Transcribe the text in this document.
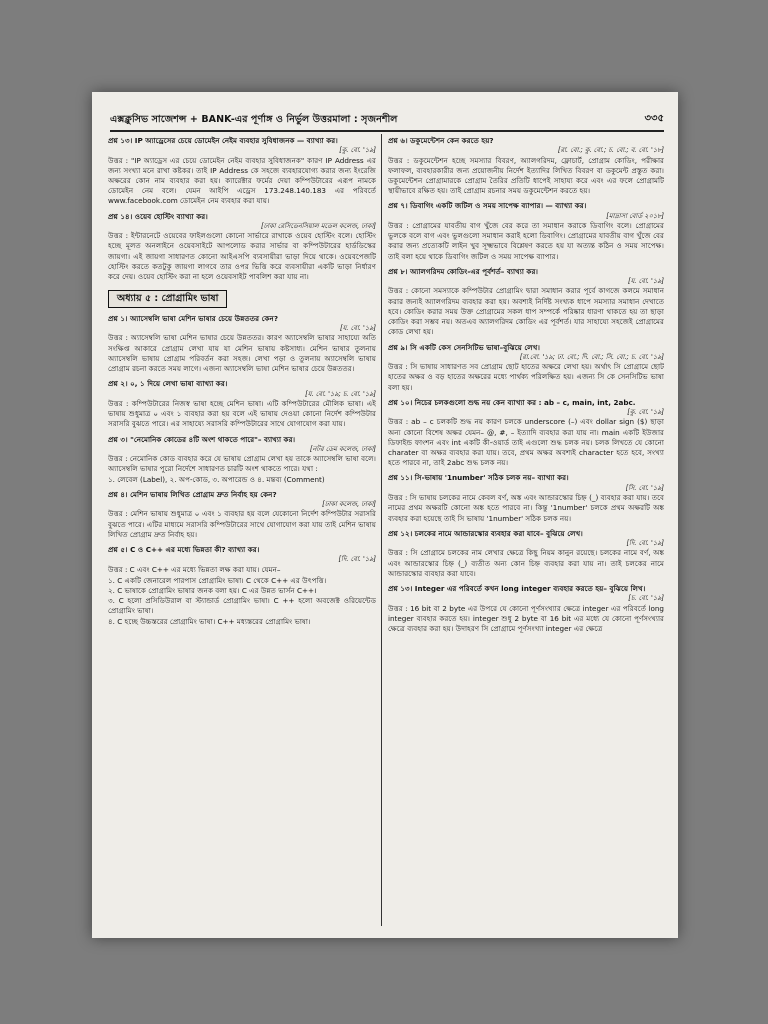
এক্সক্লুসিভ সাজেশন্স + BANK-এর পূর্ণাঙ্গ ও নির্ভুল উত্তরমালা : সৃজনশীল	৩৩৫
প্রশ্ন ১৩। IP অ্যাড্রেসের চেয়ে ডোমেইন নেইম ব্যবহার সুবিধাজনক — ব্যাখ্যা কর।
[কু. বো. '১৯]
উত্তর : "IP অ্যাড্রেস এর চেয়ে ডোমেইন নেইম ব্যবহার সুবিধাজনক" কারণ IP Address এর জন্য সংখ্যা মনে রাখা কষ্টকর। তাই IP Address কে সহজে ব্যবহারযোগ্য করার জন্য ইংরেজি অক্ষরের কোন নাম ব্যবহার করা হয়। ক্যারেক্টার ফর্মের দেয়া কম্পিউটারের এরূপ নামকে ডোমেইন নেম বলে। যেমন আইপি এড্রেস 173.248.140.183 এর পরিবর্তে www.facebook.com ডোমেইন নেম ব্যবহার করা যায়।
প্রশ্ন ১৪। ওয়েব হোস্টিং ব্যাখ্যা কর।
[ঢাকা রেসিডেনসিয়াল মডেল কলেজ, ঢাকা]
উত্তর : ইন্টারনেটে ওয়েবের ফাইলগুলো কোনো সার্ভারে রাখাকে ওয়েব হোস্টিং বলে। হোস্টিং হচ্ছে মূলত অনলাইনে ওয়েবসাইটে আপলোড করার সার্ভার বা কম্পিউটারের হার্ডডিস্কের জায়গা। এই জায়গা সাধারণত কোনো আইএসপি ব্যবসায়ীরা ভাড়া দিয়ে থাকে। ওয়েবপেজটি হোস্টিং করতে কতটুকু জায়গা লাগবে তার ওপর ভিত্তি করে ব্যবসায়ীরা একটি ভাড়া নির্ধারণ করে দেয়। ওয়েব হোস্টিং করা না হলে ওয়েবসাইট পাবলিশ করা যায় না।
অধ্যায় ৫ : প্রোগ্রামিং ভাষা
প্রশ্ন ১। অ্যাসেম্বলি ভাষা মেশিন ভাষার চেয়ে উন্নততর কেন?
[য. বো. '১৯]
উত্তর : অ্যাসেম্বলি ভাষা মেশিন ভাষার চেয়ে উন্নততর। কারণ অ্যাসেম্বলি ভাষার সাহায্যে অতি সংক্ষিপ্ত আকারে প্রোগ্রাম লেখা যায় যা মেশিন ভাষায় কষ্টসাধ্য। মেশিন ভাষার তুলনায় অ্যাসেম্বলি ভাষায় প্রোগ্রাম পরিবর্তন করা সহজ। লেখা পড়া ও তুলনায় অ্যাসেম্বলি ভাষায় প্রোগ্রাম রচনা করতে সময় লাগে। এজন্য অ্যাসেম্বলি ভাষা মেশিন ভাষার চেয়ে উন্নততর।
প্রশ্ন ২। ০, ১ দিয়ে লেখা ভাষা ব্যাখ্যা কর।
[য. বো. '১৯; চ. বো. '১৯]
উত্তর : কম্পিউটারের নিজস্ব ভাষা হচ্ছে মেশিন ভাষা। এটি কম্পিউটারের মৌলিক ভাষা। এই ভাষায় শুধুমাত্র ০ এবং ১ ব্যবহার করা হয় বলে এই ভাষায় দেওয়া কোনো নির্দেশ কম্পিউটার সরাসরি বুঝতে পারে। এর সাহায্যে সরাসরি কম্পিউটারের সাথে যোগাযোগ করা যায়।
প্রশ্ন ৩। "নেমোনিক কোডের ৪টি অংশ থাকতে পারে"– ব্যাখ্যা কর।
[নটর ডেম কলেজ, ঢাকা]
উত্তর : নেমোনিক কোড ব্যবহার করে যে ভাষায় প্রোগ্রাম লেখা হয় তাকে অ্যাসেম্বলি ভাষা বলে। অ্যাসেম্বলি ভাষার পুরো নির্দেশে সাধারণত চারটি অংশ থাকতে পারে। যথা :
১. লেবেল (Label), ২. অপ-কোড, ৩. অপারেন্ড ও ৪. মন্তব্য (Comment)
প্রশ্ন ৪। মেশিন ভাষায় লিখিত প্রোগ্রাম দ্রুত নির্বাহ হয় কেন?
[ঢাকা কলেজ, ঢাকা]
উত্তর : মেশিন ভাষায় শুধুমাত্র ০ এবং ১ ব্যবহার হয় বলে যেকোনো নির্দেশ কম্পিউটার সরাসরি বুঝতে পারে। এটির মাধ্যমে সরাসরি কম্পিউটারের সাথে যোগাযোগ করা যায় তাই মেশিন ভাষায় লিখিত প্রোগ্রাম দ্রুত নির্বাহ হয়।
প্রশ্ন ৫। C ও C++ এর মধ্যে ভিন্নতা কী? ব্যাখ্যা কর।
[দি. বো. '১৯]
উত্তর : C এবং C++ এর মধ্যে ভিন্নতা লক্ষ করা যায়। যেমন–
১. C একটি জেনারেল পারপাস প্রোগ্রামিং ভাষা। C থেকে C++ এর উৎপত্তি।
২. C ভাষাকে প্রোগ্রামিং ভাষার জনক বলা হয়। C এর উন্নত ভার্সন C++।
৩. C হলো প্রসিডিউরাল বা স্ট্যান্ডার্ড প্রোগ্রামিং ভাষা। C ++ হলো অবজেক্ট ওরিয়েন্টেড প্রোগ্রামিং ভাষা।
৪. C হচ্ছে উচ্চস্তরের প্রোগ্রামিং ভাষা। C++ মধ্যস্তরের প্রোগ্রামিং ভাষা।
প্রশ্ন ৬। ডকুমেন্টেশন কেন করতে হয়?
[রা. বো.; কু. বো.; চ. বো.; ব. বো. '১৮]
উত্তর : ডকুমেন্টেশন হচ্ছে সমস্যার বিবরণ, অ্যালগরিদম, ফ্লোচার্ট, প্রোগ্রাম কোডিং, পরীক্ষার ফলাফল, ব্যবহারকারীর জন্য প্রয়োজনীয় নির্দেশ ইত্যাদির লিখিত বিবরণ বা ডকুমেন্ট প্রস্তুত করা। ডকুমেন্টেশন প্রোগ্রামারকে প্রোগ্রাম তৈরির প্রতিটি ধাপেই সাহায্য করে এবং এর ফলে প্রোগ্রামটি স্থায়ীভাবে রক্ষিত হয়। তাই প্রোগ্রাম রচনার সময় ডকুমেন্টেশন করতে হয়।
প্রশ্ন ৭। ডিবাগিং একটি জটিল ও সময় সাপেক্ষ ব্যাপার। — ব্যাখ্যা কর।
[মাদ্রাসা বোর্ড ২০১৮]
উত্তর : প্রোগ্রামের যাবতীয় বাগ খুঁজে বের করে তা সমাধান করাকে ডিবাগিং বলে। প্রোগ্রামের ভুলকে বলে বাগ এবং ভুলগুলো সমাধান করাই হলো ডিবাগিং। প্রোগ্রামের যাবতীয় বাগ খুঁজে বের করার জন্য প্রত্যেকটি লাইন খুব সূক্ষ্মভাবে বিশ্লেষণ করতে হয় যা অত্যন্ত কঠিন ও সময় সাপেক্ষ। তাই বলা হয়ে থাকে ডিবাগিং জটিল ও সময় সাপেক্ষ ব্যাপার।
প্রশ্ন ৮। অ্যালগরিদম কোডিং-এর পূর্বশর্ত– ব্যাখ্যা কর।
[য. বো. '১৯]
উত্তর : কোনো সমস্যাকে কম্পিউটার প্রোগ্রামিং দ্বারা সমাধান করার পূর্বে কাগজে কলমে সমাধান করার জন্যই অ্যালগরিদম ব্যবহার করা হয়। অবশ্যই নির্দিষ্ট সংখ্যক ধাপে সমস্যার সমাধান দেখাতে হবে। কোডিং করার সময় উক্ত প্রোগ্রামের সকল ধাপ সম্পর্কে পরিষ্কার ধারণা থাকতে হয় তা ছাড়া কোডিং করা সম্ভব নয়। অতএব অ্যালগরিদম কোডিং এর পূর্বশর্ত। যার সাহায্যে সহজেই প্রোগ্রামের কোড লেখা হয়।
প্রশ্ন ৯। সি একটি কেস সেনসিটিভ ভাষা–বুঝিয়ে লেখ।
[রা.বো. '১৯; ঢা. বো.; দি. বো.; সি. বো.; চ. বো. '১৯]
উত্তর : সি ভাষায় সাধারণত সব প্রোগ্রাম ছোট হাতের অক্ষরে লেখা হয়। অর্থাৎ সি প্রোগ্রামে ছোট হাতের অক্ষর ও বড় হাতের অক্ষরের মধ্যে পার্থক্য পরিলক্ষিত হয়। এজন্য সি কে সেনসিটিভ ভাষা বলা হয়।
প্রশ্ন ১০। নিচের চলকগুলো শুদ্ধ নয় কেন ব্যাখ্যা কর : ab – c, main, int, 2abc.
[কু. বো. '১৯]
উত্তর : ab – c চলকটি শুদ্ধ নয় কারণ চলকে underscore (–) এবং dollar sign ($) ছাড়া অন্য কোনো বিশেষ অক্ষর যেমন– @, #, – ইত্যাদি ব্যবহার করা যায় না। main একটি ইউজার ডিফাইন্ড ফাংশন এবং int একটি কী-ওয়ার্ড তাই এগুলো শুদ্ধ চলক নয়। চলক লিখতে যে কোনো charater বা অক্ষর ব্যবহার করা যায়। তবে, প্রথম অক্ষর অবশ্যই character হতে হবে, সংখ্যা হতে পারবে না, তাই 2abc শুদ্ধ চলক নয়।
প্রশ্ন ১১। সি-ভাষায় '1number' সঠিক চলক নয়– ব্যাখ্যা কর।
[সি. বো. '১৯]
উত্তর : সি ভাষায় চলকের নামে কেবল বর্ণ, অঙ্ক এবং আন্ডারস্কোর চিহ্ন (_) ব্যবহার করা যায়। তবে নামের প্রথম অক্ষরটি কোনো অঙ্ক হতে পারবে না। কিন্তু '1number' চলকে প্রথম অক্ষরটি অঙ্ক ব্যবহার করা হয়েছে তাই সি ভাষায় '1number' সঠিক চলক নয়।
প্রশ্ন ১২। চলকের নামে আন্ডারস্কোর ব্যবহার করা যাবে– বুঝিয়ে লেখ।
[দি. বো. '১৯]
উত্তর : সি প্রোগ্রামে চলকের নাম লেখার ক্ষেত্রে কিছু নিয়ম কানুন রয়েছে। চলকের নামে বর্ণ, অঙ্ক এবং আন্ডারস্কোর চিহ্ন (_) ব্যতীত অন্য কোন চিহ্ন ব্যবহার করা যায় না। তাই চলকের নামে আন্ডারস্কোর ব্যবহার করা যাবে।
প্রশ্ন ১৩। Integer এর পরিবর্তে কখন long integer ব্যবহার করতে হয়– বুঝিয়ে লিখ।
[চ. বো. '১৯]
উত্তর : 16 bit বা 2 byte এর উপরে যে কোনো পূর্ণসংখ্যার ক্ষেত্রে integer এর পরিবর্তে long integer ব্যবহার করতে হয়। integer শুধু 2 byte বা 16 bit এর মধ্যে যে কোনো পূর্ণসংখ্যার ক্ষেত্রে ব্যবহার করা হয়। উদাহরণ সি প্রোগ্রামে পূর্ণসংখ্যা integer এর ক্ষেত্রে
